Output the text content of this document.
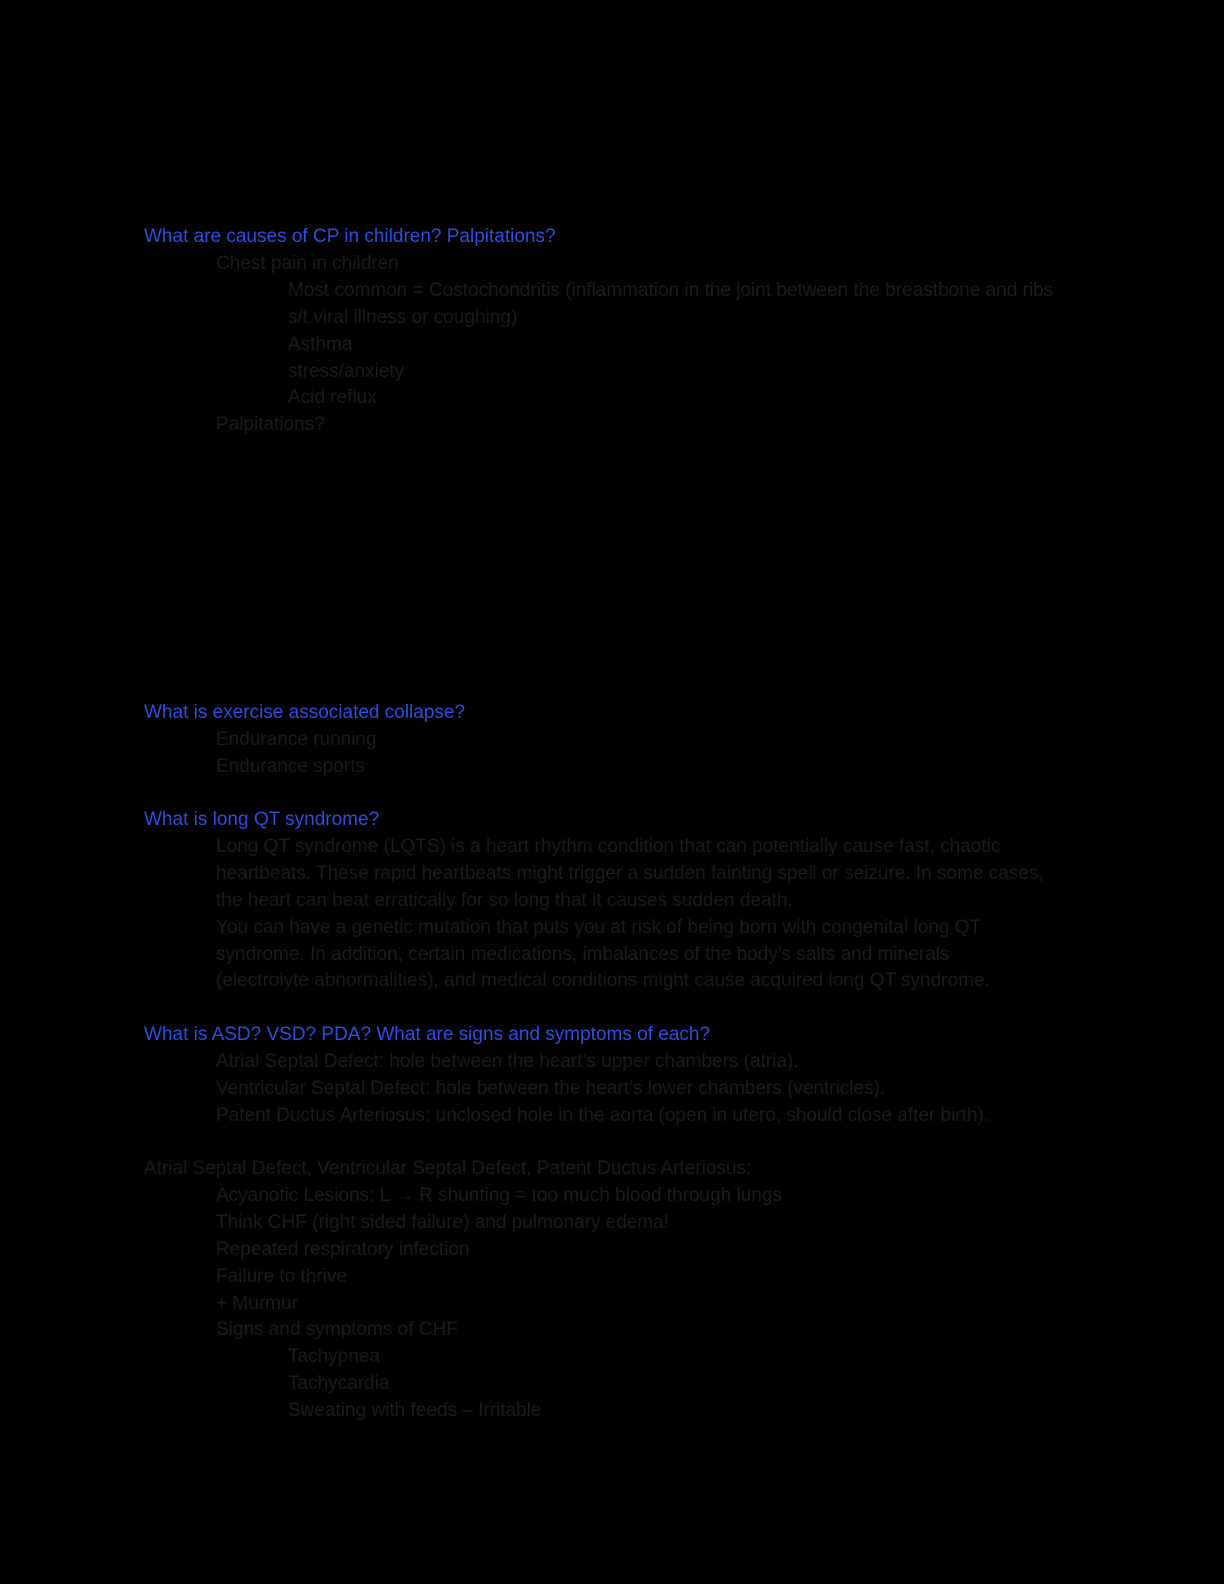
What are causes of CP in children? Palpitations?
Chest pain in children
Most common = Costochondritis (inflammation in the joint between the breastbone and ribs s/t viral illness or coughing)
Asthma
stress/anxiety
Acid reflux
Palpitations?
What is exercise associated collapse?
Endurance running
Endurance sports
What is long QT syndrome?
Long QT syndrome (LQTS) is a heart rhythm condition that can potentially cause fast, chaotic heartbeats. These rapid heartbeats might trigger a sudden fainting spell or seizure. In some cases, the heart can beat erratically for so long that it causes sudden death.
You can have a genetic mutation that puts you at risk of being born with congenital long QT syndrome. In addition, certain medications, imbalances of the body's salts and minerals (electrolyte abnormalities), and medical conditions might cause acquired long QT syndrome.
What is ASD? VSD? PDA? What are signs and symptoms of each?
Atrial Septal Defect: hole between the heart’s upper chambers (atria).
Ventricular Septal Defect: hole between the heart’s lower chambers (ventricles).
Patent Ductus Arteriosus: unclosed hole in the aorta (open in utero, should close after birth).
Atrial Septal Defect, Ventricular Septal Defect, Patent Ductus Arteriosus:
Acyanotic Lesions: L → R shunting = too much blood through lungs
Think CHF (right sided failure) and pulmonary edema!
Repeated respiratory infection
Failure to thrive
+ Murmur
Signs and symptoms of CHF
Tachypnea
Tachycardia
Sweating with feeds – Irritable
